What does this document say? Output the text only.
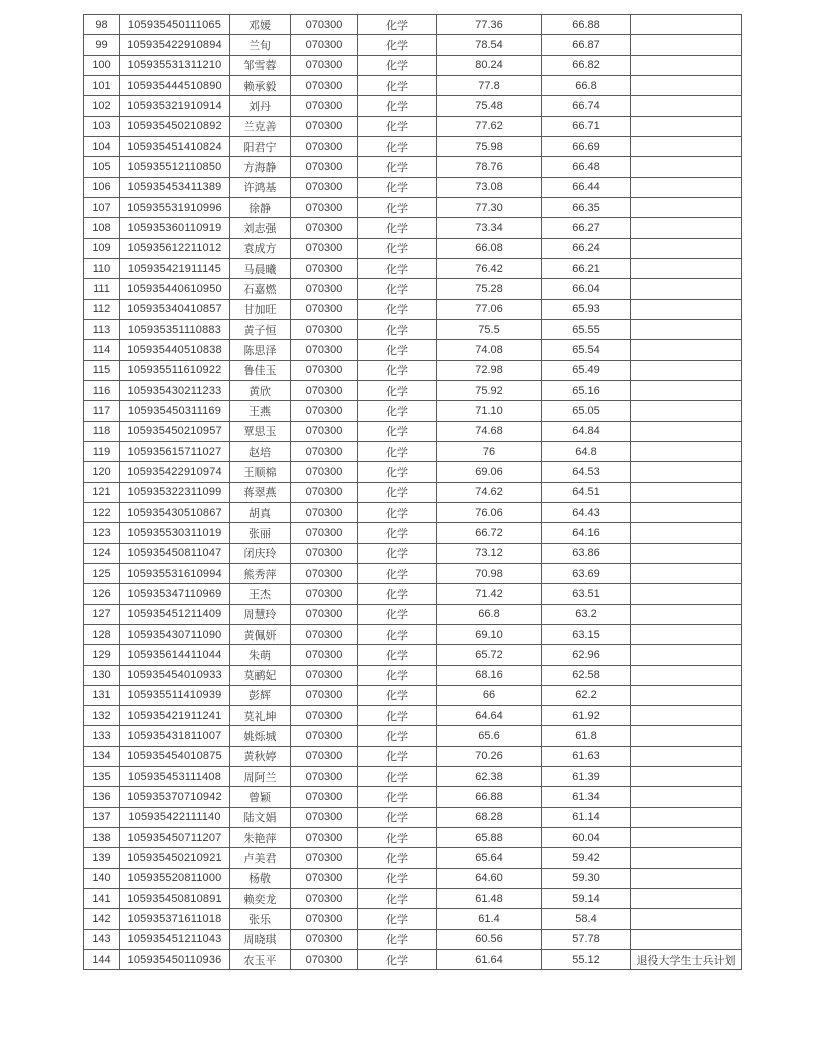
98	105935450111065	邓媛	070300	化学	77.36	66.88	
99	105935422910894	兰旬	070300	化学	78.54	66.87	
100	105935531311210	邹雪蓉	070300	化学	80.24	66.82	
101	105935444510890	赖承毅	070300	化学	77.8	66.8	
102	105935321910914	刘丹	070300	化学	75.48	66.74	
103	105935450210892	兰克善	070300	化学	77.62	66.71	
104	105935451410824	阳君宁	070300	化学	75.98	66.69	
105	105935512110850	方海静	070300	化学	78.76	66.48	
106	105935453411389	许鸿基	070300	化学	73.08	66.44	
107	105935531910996	徐静	070300	化学	77.30	66.35	
108	105935360110919	刘志强	070300	化学	73.34	66.27	
109	105935612211012	袁成方	070300	化学	66.08	66.24	
110	105935421911145	马晨曦	070300	化学	76.42	66.21	
111	105935440610950	石嘉燃	070300	化学	75.28	66.04	
112	105935340410857	甘加旺	070300	化学	77.06	65.93	
113	105935351110883	黄子恒	070300	化学	75.5	65.55	
114	105935440510838	陈思泽	070300	化学	74.08	65.54	
115	105935511610922	鲁佳玉	070300	化学	72.98	65.49	
116	105935430211233	黄欣	070300	化学	75.92	65.16	
117	105935450311169	王燕	070300	化学	71.10	65.05	
118	105935450210957	覃思玉	070300	化学	74.68	64.84	
119	105935615711027	赵培	070300	化学	76	64.8	
120	105935422910974	王顺棉	070300	化学	69.06	64.53	
121	105935322311099	蒋翠燕	070300	化学	74.62	64.51	
122	105935430510867	胡真	070300	化学	76.06	64.43	
123	105935530311019	张丽	070300	化学	66.72	64.16	
124	105935450811047	闭庆玲	070300	化学	73.12	63.86	
125	105935531610994	熊秀萍	070300	化学	70.98	63.69	
126	105935347110969	王杰	070300	化学	71.42	63.51	
127	105935451211409	周慧玲	070300	化学	66.8	63.2	
128	105935430711090	黄佩妍	070300	化学	69.10	63.15	
129	105935614411044	朱萌	070300	化学	65.72	62.96	
130	105935454010933	莫鹂妃	070300	化学	68.16	62.58	
131	105935511410939	彭辉	070300	化学	66	62.2	
132	105935421911241	莫礼坤	070300	化学	64.64	61.92	
133	105935431811007	姚烁城	070300	化学	65.6	61.8	
134	105935454010875	黄秋婷	070300	化学	70.26	61.63	
135	105935453111408	周阿兰	070300	化学	62.38	61.39	
136	105935370710942	曾颖	070300	化学	66.88	61.34	
137	105935422111140	陆文娟	070300	化学	68.28	61.14	
138	105935450711207	朱艳萍	070300	化学	65.88	60.04	
139	105935450210921	卢美君	070300	化学	65.64	59.42	
140	105935520811000	杨敬	070300	化学	64.60	59.30	
141	105935450810891	赖奕龙	070300	化学	61.48	59.14	
142	105935371611018	张乐	070300	化学	61.4	58.4	
143	105935451211043	周晓琪	070300	化学	60.56	57.78	
144	105935450110936	农玉平	070300	化学	61.64	55.12	退役大学生士兵计划
